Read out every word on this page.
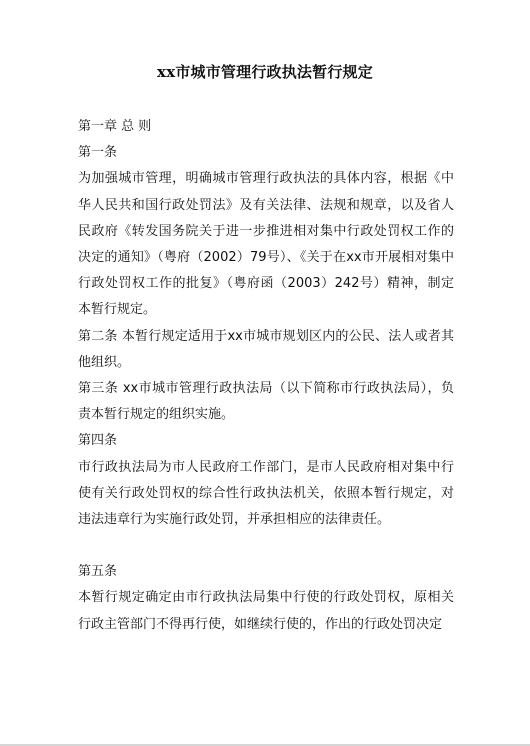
xx市城市管理行政执法暂行规定

第一章 总 则

第一条

为加强城市管理，明确城市管理行政执法的具体内容，根据《中华人民共和国行政处罚法》及有关法律、法规和规章，以及省人民政府《转发国务院关于进一步推进相对集中行政处罚权工作的决定的通知》（粤府（2002）79号）、《关于在xx市开展相对集中行政处罚权工作的批复》（粤府函（2003）242号）精神，制定本暂行规定。

第二条 本暂行规定适用于xx市城市规划区内的公民、法人或者其他组织。

第三条 xx市城市管理行政执法局（以下简称市行政执法局），负责本暂行规定的组织实施。

第四条

市行政执法局为市人民政府工作部门，是市人民政府相对集中行使有关行政处罚权的综合性行政执法机关，依照本暂行规定，对违法违章行为实施行政处罚，并承担相应的法律责任。

第五条

本暂行规定确定由市行政执法局集中行使的行政处罚权，原相关行政主管部门不得再行使，如继续行使的，作出的行政处罚决定
